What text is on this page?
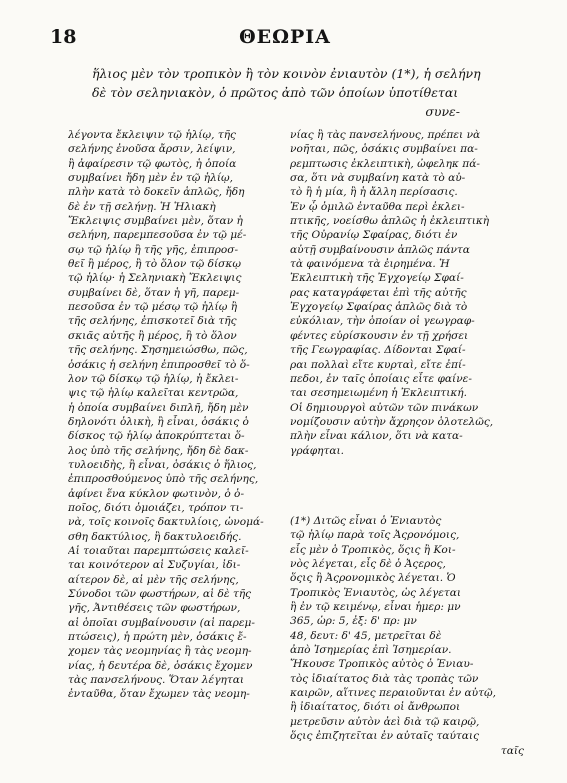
18	ΘΕΩΡΙΑ
ἥλιος μὲν τὸν τροπικὸν ἢ τὸν κοινὸν ἐνιαυτὸν (1*), ἡ σελήνη
δὲ τὸν σεληνιακὸν, ὁ πρῶτος ἀπὸ τῶν ὁποίων ὑποτίθεται
συνε-
λέγοντα ἔκλειψιν τῷ ἡλίῳ, τῆς
σελήνης ἐνοῦσα ἄρσιν, λείψιν,
ἢ ἀφαίρεσιν τῷ φωτὸς, ἡ ὁποία
συμβαίνει ἤδη μὲν ἐν τῷ ἡλίῳ,
πλὴν κατὰ τὸ δοκεῖν ἁπλῶς, ἤδη
δὲ ἐν τῇ σελήνῃ. Ἡ Ἡλιακὴ
Ἔκλειψις συμβαίνει μὲν, ὅταν ἡ
σελήνη, παρεμπεσοῦσα ἐν τῷ μέ-
σῳ τῷ ἡλίῳ ἢ τῆς γῆς, ἐπιπροσ-
θεῖ ἢ μέρος, ἢ τὸ ὅλον τῷ δίσκῳ
τῷ ἡλίῳ· ἡ Σεληνιακὴ Ἔκλειψις
συμβαίνει δὲ, ὅταν ἡ γῆ, παρεμ-
πεσοῦσα ἐν τῷ μέσῳ τῷ ἡλίῳ ἢ
τῆς σελήνης, ἐπισκοτεῖ διὰ τῆς
σκιᾶς αὐτῆς ἢ μέρος, ἢ τὸ ὅλον
τῆς σελήνης. Σησημειώσθω, πῶς,
ὁσάκις ἡ σελήνη ἐπιπροσθεῖ τὸ ὅ-
λον τῷ δίσκῳ τῷ ἡλίῳ, ἡ ἔκλει-
ψις τῷ ἡλίῳ καλεῖται κεντρῶα,
ἡ ὁποία συμβαίνει διπλῆ, ἤδη μὲν
δηλονότι ὁλικὴ, ἢ εἶναι, ὁσάκις ὁ
δίσκος τῷ ἡλίῳ ἀποκρύπτεται ὅ-
λος ὑπὸ τῆς σελήνης, ἤδη δὲ δακ-
τυλοειδὴς, ἢ εἶναι, ὁσάκις ὁ ἥλιος,
ἐπιπροσθούμενος ὑπὸ τῆς σελήνης,
ἀφίνει ἕνα κύκλον φωτινὸν, ὁ ὁ-
ποῖος, διότι ὁμοιάζει, τρόπον τι-
νὰ, τοῖς κοινοῖς δακτυλίοις, ὠνομά-
σθη δακτύλιος, ἢ δακτυλοειδής.
Αἱ τοιαῦται παρεμπτώσεις καλεῖ-
ται κοινότερον αἱ Συζυγίαι, ἰδι-
αίτερον δὲ, αἱ μὲν τῆς σελήνης,
Σύνοδοι τῶν φωστήρων, αἱ δὲ τῆς
γῆς, Ἀντιθέσεις τῶν φωστήρων,
αἱ ὁποῖαι συμβαίνουσιν (αἱ παρεμ-
πτώσεις), ἡ πρώτη μὲν, ὁσάκις ἔ-
χομεν τὰς νεομηνίας ἢ τὰς νεομη-
νίας, ἡ δευτέρα δὲ, ὁσάκις ἔχομεν
τὰς πανσελήνους. Ὅταν λέγηται
ἐνταῦθα, ὅταν ἔχωμεν τὰς νεομη-
νίας ἢ τὰς πανσελήνους, πρέπει νὰ
νοῆται, πῶς, ὁσάκις συμβαίνει πα-
ρεμπτωσις ἐκλειπτικὴ, ὠφεληκ πά-
σα, ὅτι νὰ συμβαίνη κατὰ τὸ αὐ-
τὸ ἢ ἡ μία, ἢ ἡ ἄλλη περίσασις.
Ἐν ᾧ ὁμιλῶ ἐνταῦθα περὶ ἐκλει-
πτικῆς, νοείσθω ἁπλῶς ἡ ἐκλειπτικὴ
τῆς Οὐρανίῳ Σφαίρας, διότι ἐν
αὐτῇ συμβαίνουσιν ἁπλῶς πάντα
τὰ φαινόμενα τὰ ἐιρημένα. Ἡ
Ἐκλειπτικὴ τῆς Ἐγχογείῳ Σφαί-
ρας καταγράφεται ἐπὶ τῆς αὐτῆς
Ἐγχογείῳ Σφαίρας ἁπλῶς διὰ τὸ
εὐκόλιαν, τὴν ὁποίαν οἱ γεωγραφ-
φέντες εὐρίσκουσιν ἐν τῇ χρήσει
τῆς Γεωγραφίας. Δίδονται Σφαί-
ραι πολλαὶ εἴτε κυρταὶ, εἴτε ἐπί-
πεδοι, ἐν ταῖς ὁποίαις εἶτε φαίνε-
ται σεσημειωμένη ἡ Ἐκλειπτική.
Οἱ δημιουργοὶ αὐτῶν τῶν πινάκων
νομίζουσιν αὐτὴν ἄχρηςον ὁλοτελῶς,
πλὴν εἶναι κάλιον, ὅτι νὰ κατα-
γράφηται.
(1*) Διτῶς εἶναι ὁ Ἐνιαυτὸς
τῷ ἡλίῳ παρὰ τοῖς Ἀςρονόμοις,
εἷς μὲν ὁ Τροπικὸς, ὅςις ἢ Κοι-
νὸς λέγεται, εἷς δὲ ὁ Ἀςερος,
ὅςις ἢ Ἀςρονομικὸς λέγεται. Ὁ
Τροπικὸς Ἐνιαυτὸς, ὡς λέγεται
ἢ ἐν τῷ κειμένῳ, εἶναι ἡμερ: μν
365, ὡρ: 5, ἐξ: δ' πρ: μν
48, δευτ: δ' 45, μετρεῖται δὲ
ἀπὸ Ἰσημερίας ἐπὶ Ἰσημερίαν.
Ἤκουσε Τροπικὸς αὐτὸς ὁ Ἐνιαυ-
τὸς ἰδιαίτατος διὰ τὰς τροπὰς τῶν
καιρῶν, αἵτινες περαιοῦνται ἐν αὐτῷ,
ἢ ἰδιαίτατος, διότι οἱ ἄνθρωποι
μετρεῦσιν αὐτὸν ἀεὶ διὰ τῷ καιρῷ,
ὅςις ἐπιζητεῖται ἐν αὐταῖς ταύταις
ταῖς
